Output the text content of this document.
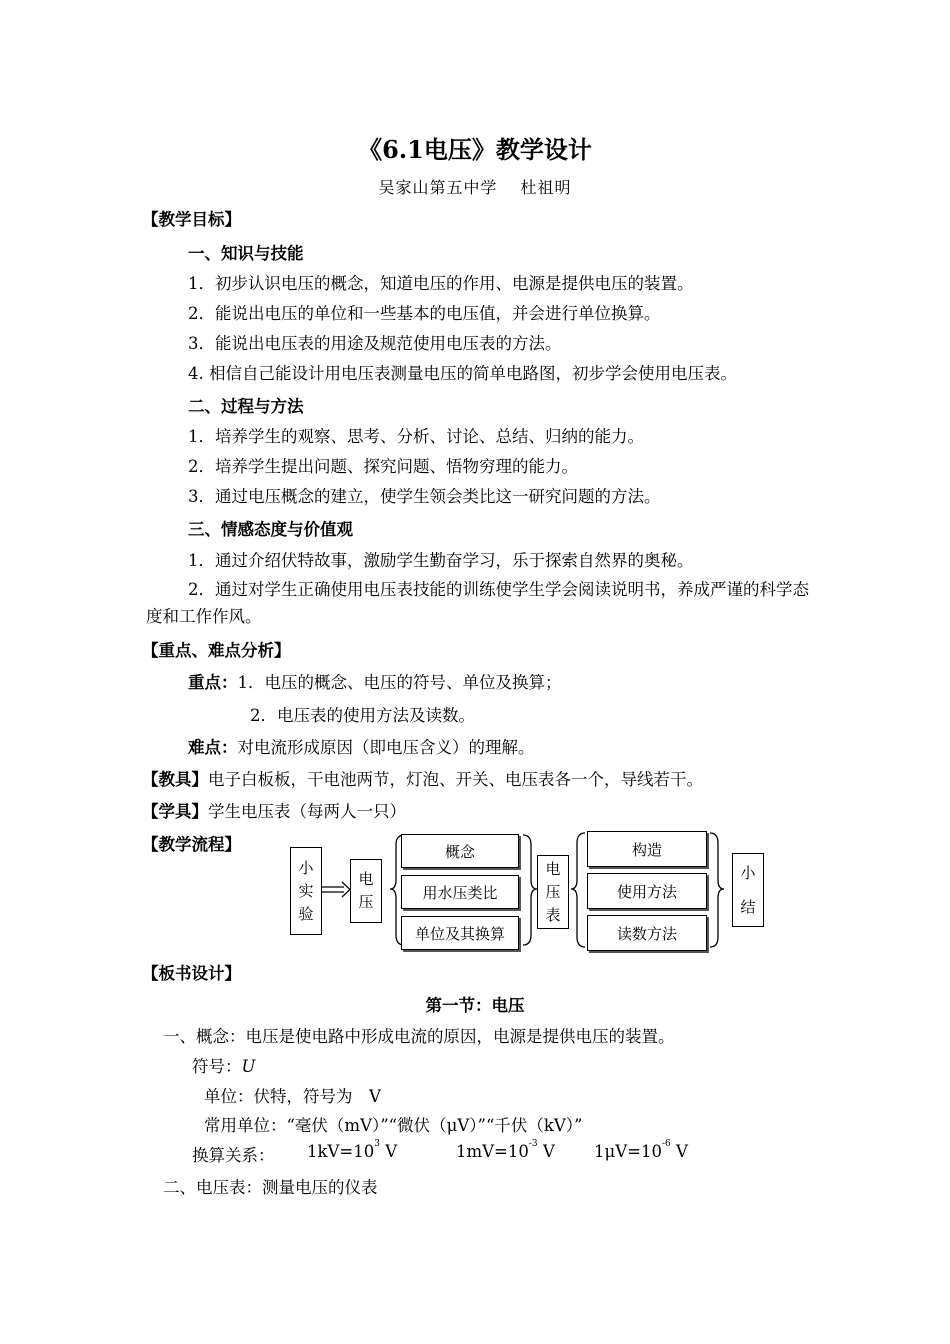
《6.1电压》教学设计
吴家山第五中学　 杜祖明
【教学目标】
一、知识与技能
1．初步认识电压的概念，知道电压的作用、电源是提供电压的装置。
2．能说出电压的单位和一些基本的电压值，并会进行单位换算。
3．能说出电压表的用途及规范使用电压表的方法。
4. 相信自己能设计用电压表测量电压的简单电路图，初步学会使用电压表。
二、过程与方法
1．培养学生的观察、思考、分析、讨论、总结、归纳的能力。
2．培养学生提出问题、探究问题、悟物穷理的能力。
3．通过电压概念的建立，使学生领会类比这一研究问题的方法。
三、情感态度与价值观
1．通过介绍伏特故事，激励学生勤奋学习，乐于探索自然界的奥秘。
2．通过对学生正确使用电压表技能的训练使学生学会阅读说明书，养成严谨的科学态度和工作作风。
【重点、难点分析】
重点：1．电压的概念、电压的符号、单位及换算；
2．电压表的使用方法及读数。
难点：对电流形成原因（即电压含义）的理解。
【教具】电子白板板，干电池两节，灯泡、开关、电压表各一个，导线若干。
【学具】学生电压表（每两人一只）
【教学流程】
小
实
验
电
压
概念
用水压类比
单位及其换算
电
压
表
构造
使用方法
读数方法
小
结
【板书设计】
第一节：电压
一、概念：电压是使电路中形成电流的原因，电源是提供电压的装置。
符号：U
单位：伏特，符号为　V
常用单位：“毫伏（mV）”“微伏（μV）”“千伏（kV）”
换算关系： $1kV=10^3$ V	$1mV=10^{-3}$ V $1\mu V=10^{-6}$ V
二、电压表：测量电压的仪表
